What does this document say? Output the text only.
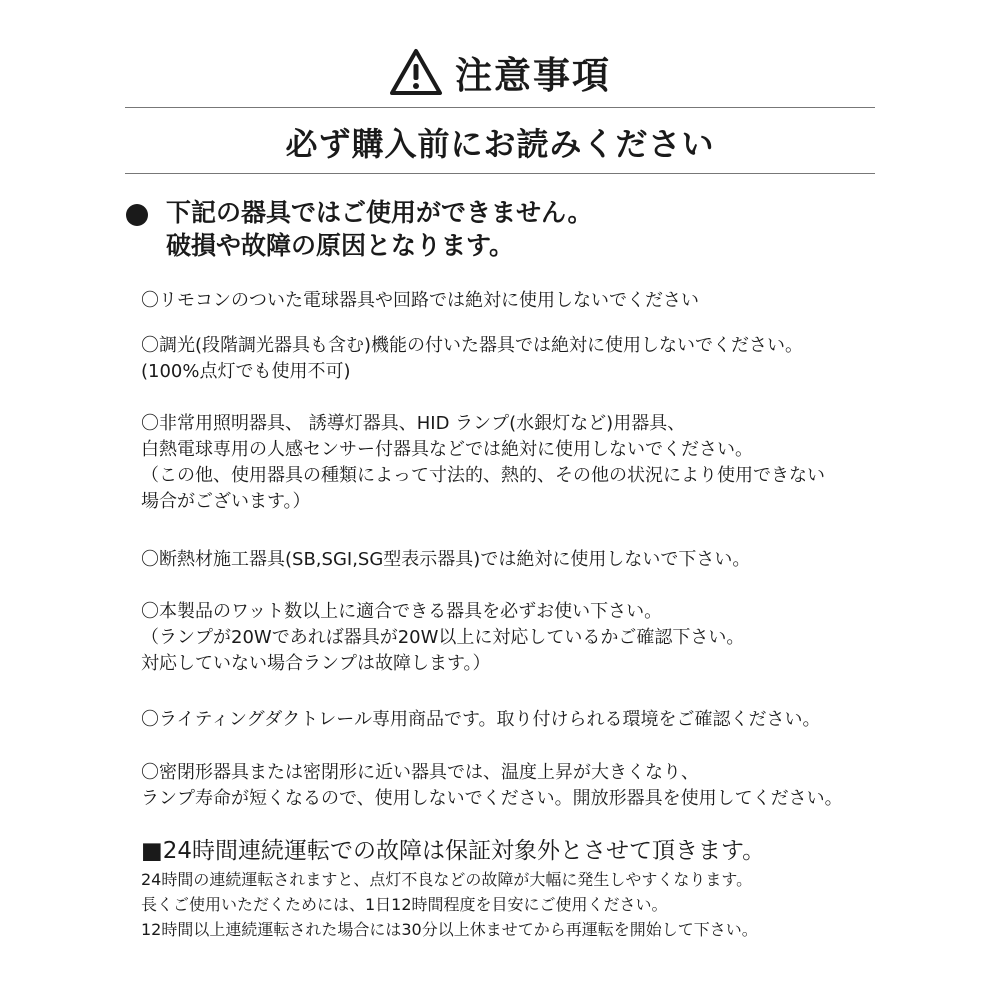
注意事項
必ず購入前にお読みください
下記の器具ではご使用ができません。
破損や故障の原因となります。
〇リモコンのついた電球器具や回路では絶対に使用しないでください
〇調光(段階調光器具も含む)機能の付いた器具では絶対に使用しないでください。
(100%点灯でも使用不可)
〇非常用照明器具、 誘導灯器具、HID ランプ(水銀灯など)用器具、
白熱電球専用の人感センサー付器具などでは絶対に使用しないでください。
（この他、使用器具の種類によって寸法的、熱的、その他の状況により使用できない
場合がございます。）
〇断熱材施工器具(SB,SGI,SG型表示器具)では絶対に使用しないで下さい。
〇本製品のワット数以上に適合できる器具を必ずお使い下さい。
（ランプが20Wであれば器具が20W以上に対応しているかご確認下さい。
対応していない場合ランプは故障します。）
〇ライティングダクトレール専用商品です。取り付けられる環境をご確認ください。
〇密閉形器具または密閉形に近い器具では、温度上昇が大きくなり、
ランプ寿命が短くなるので、使用しないでください。開放形器具を使用してください。
■24時間連続運転での故障は保証対象外とさせて頂きます。
24時間の連続運転されますと、点灯不良などの故障が大幅に発生しやすくなります。
長くご使用いただくためには、1日12時間程度を目安にご使用ください。
12時間以上連続運転された場合には30分以上休ませてから再運転を開始して下さい。
